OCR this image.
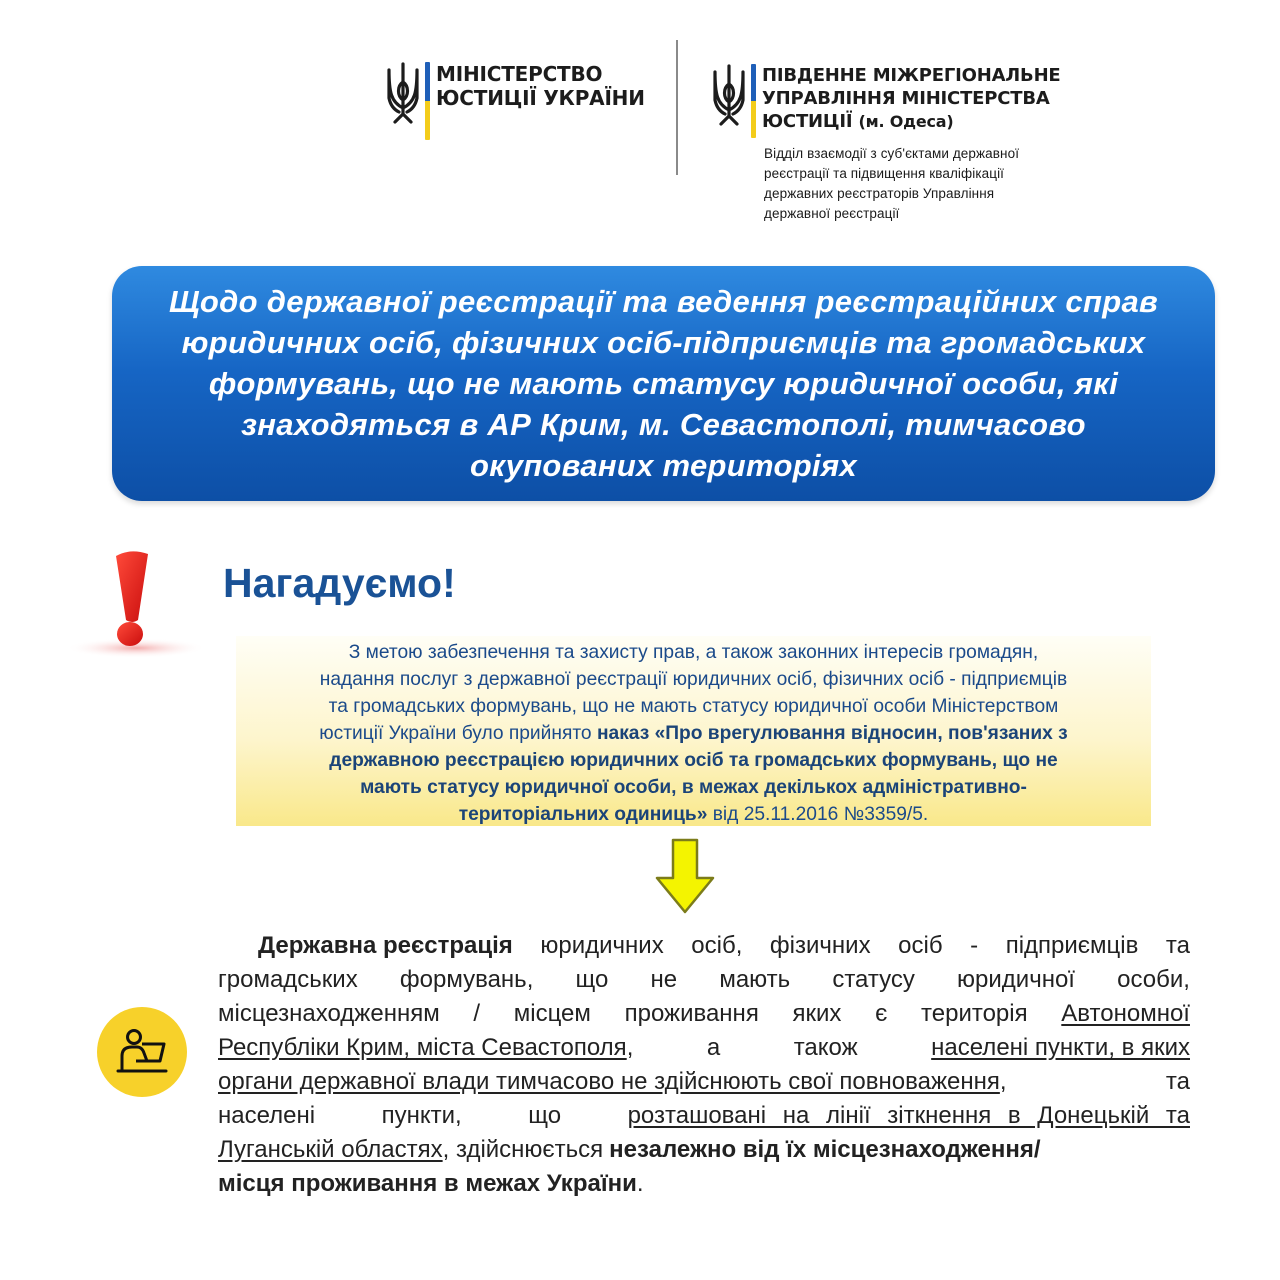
МІНІСТЕРСТВО
ЮСТИЦІЇ УКРАЇНИ
ПІВДЕННЕ МІЖРЕГІОНАЛЬНЕ
УПРАВЛІННЯ МІНІСТЕРСТВА
ЮСТИЦІЇ (м. Одеса)
Відділ взаємодії з суб'єктами державної
реєстрації та підвищення кваліфікації
державних реєстраторів Управління
державної реєстрації
Щодо державної реєстрації та ведення реєстраційних справ
юридичних осіб, фізичних осіб-підприємців та громадських
формувань, що не мають статусу юридичної особи, які
знаходяться в АР Крим, м. Севастополі, тимчасово
окупованих територіях
Нагадуємо!
З метою забезпечення та захисту прав, а також законних інтересів громадян,
надання послуг з державної реєстрації юридичних осіб, фізичних осіб - підприємців
та громадських формувань, що не мають статусу юридичної особи Міністерством
юстиції України було прийнято наказ «Про врегулювання відносин, пов'язаних з
державною реєстрацією юридичних осіб та громадських формувань, що не
мають статусу юридичної особи, в межах декількох адміністративно-
територіальних одиниць» від 25.11.2016 №3359/5.
Державна реєстрація юридичних осіб, фізичних осіб - підприємців та
громадських формувань, що не мають статусу юридичної особи,
місцезнаходженням / місцем проживання яких є територія Автономної
Республіки Крим, міста Севастополя,	а	також	населені пункти, в яких
органи державної влади тимчасово не здійснюють свої повноваження,	та
населені	пункти,	що	розташовані на лінії зіткнення в Донецькій та
Луганській областях , здійснюється незалежно від їх місцезнаходження/
місця проживання в межах України .
